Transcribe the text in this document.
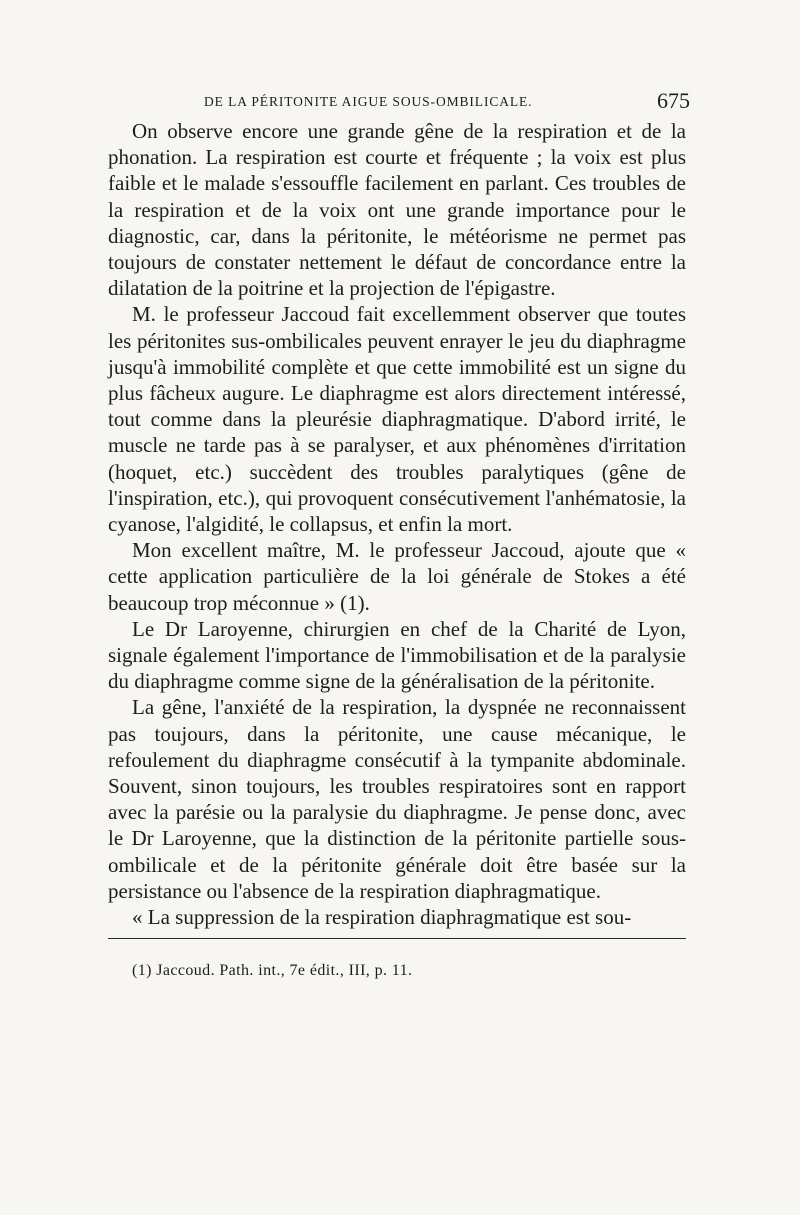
DE LA PÉRITONITE AIGUE SOUS-OMBILICALE.	675

On observe encore une grande gêne de la respiration et de la phonation. La respiration est courte et fréquente ; la voix est plus faible et le malade s'essouffle facilement en parlant. Ces troubles de la respiration et de la voix ont une grande importance pour le diagnostic, car, dans la péritonite, le météorisme ne permet pas toujours de constater nettement le défaut de concordance entre la dilatation de la poitrine et la projection de l'épigastre.

M. le professeur Jaccoud fait excellemment observer que toutes les péritonites sus-ombilicales peuvent enrayer le jeu du diaphragme jusqu'à immobilité complète et que cette immobilité est un signe du plus fâcheux augure. Le diaphragme est alors directement intéressé, tout comme dans la pleurésie diaphragmatique. D'abord irrité, le muscle ne tarde pas à se paralyser, et aux phénomènes d'irritation (hoquet, etc.) succèdent des troubles paralytiques (gêne de l'inspiration, etc.), qui provoquent consécutivement l'anhématosie, la cyanose, l'algidité, le collapsus, et enfin la mort.

Mon excellent maître, M. le professeur Jaccoud, ajoute que « cette application particulière de la loi générale de Stokes a été beaucoup trop méconnue » (1).

Le Dr Laroyenne, chirurgien en chef de la Charité de Lyon, signale également l'importance de l'immobilisation et de la paralysie du diaphragme comme signe de la généralisation de la péritonite.

La gêne, l'anxiété de la respiration, la dyspnée ne reconnaissent pas toujours, dans la péritonite, une cause mécanique, le refoulement du diaphragme consécutif à la tympanite abdominale. Souvent, sinon toujours, les troubles respiratoires sont en rapport avec la parésie ou la paralysie du diaphragme. Je pense donc, avec le Dr Laroyenne, que la distinction de la péritonite partielle sous-ombilicale et de la péritonite générale doit être basée sur la persistance ou l'absence de la respiration diaphragmatique.

« La suppression de la respiration diaphragmatique est sou-

(1) Jaccoud. Path. int., 7e édit., III, p. 11.
